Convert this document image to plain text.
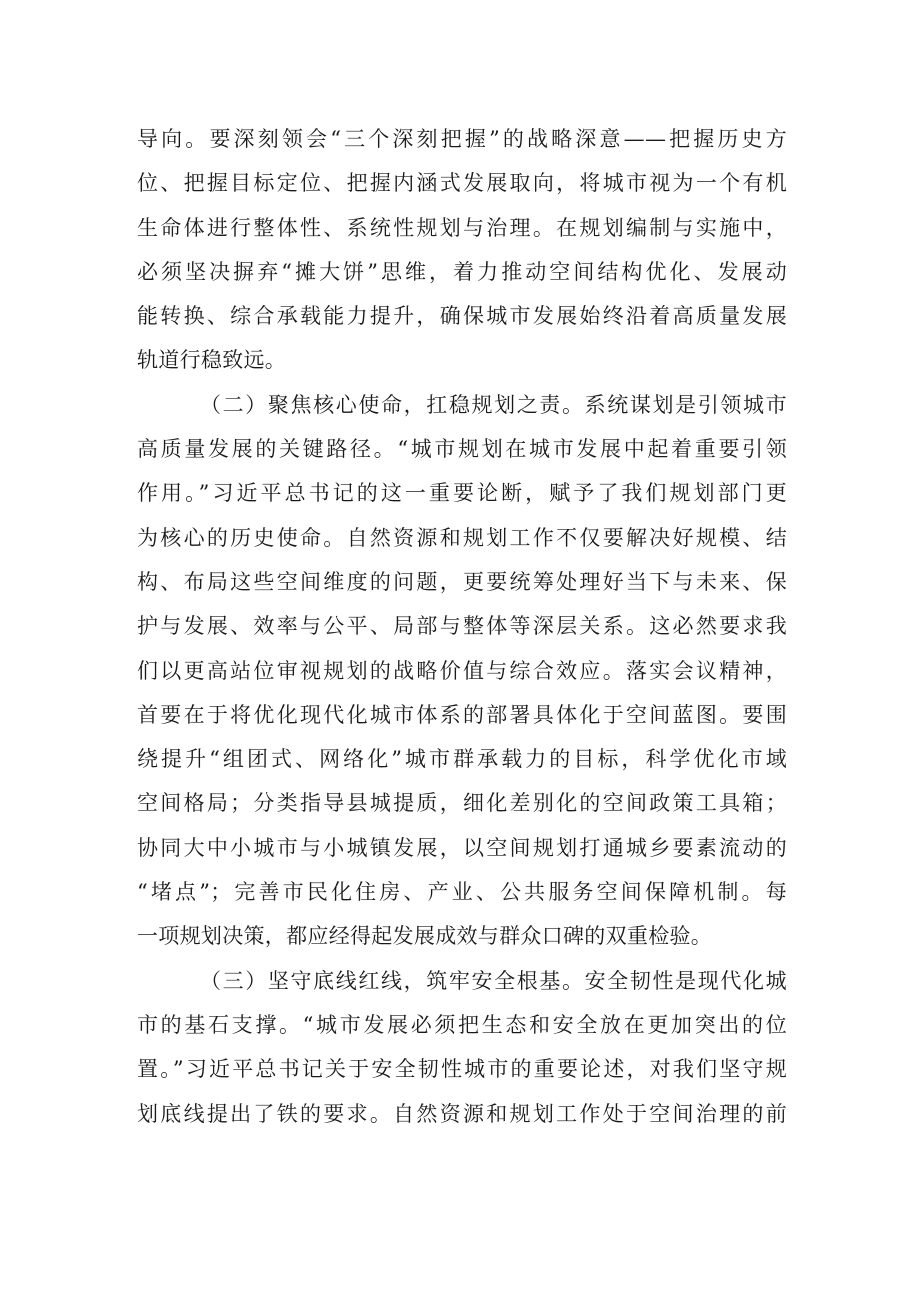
导向。要深刻领会“三个深刻把握”的战略深意——把握历史方
位、把握目标定位、把握内涵式发展取向，将城市视为一个有机
生命体进行整体性、系统性规划与治理。在规划编制与实施中，
必须坚决摒弃“摊大饼”思维，着力推动空间结构优化、发展动
能转换、综合承载能力提升，确保城市发展始终沿着高质量发展
轨道行稳致远。
（二）聚焦核心使命，扛稳规划之责。系统谋划是引领城市
高质量发展的关键路径。“城市规划在城市发展中起着重要引领
作用。”习近平总书记的这一重要论断，赋予了我们规划部门更
为核心的历史使命。自然资源和规划工作不仅要解决好规模、结
构、布局这些空间维度的问题，更要统筹处理好当下与未来、保
护与发展、效率与公平、局部与整体等深层关系。这必然要求我
们以更高站位审视规划的战略价值与综合效应。落实会议精神，
首要在于将优化现代化城市体系的部署具体化于空间蓝图。要围
绕提升“组团式、网络化”城市群承载力的目标，科学优化市域
空间格局；分类指导县城提质，细化差别化的空间政策工具箱；
协同大中小城市与小城镇发展，以空间规划打通城乡要素流动的
“堵点”；完善市民化住房、产业、公共服务空间保障机制。每
一项规划决策，都应经得起发展成效与群众口碑的双重检验。
（三）坚守底线红线，筑牢安全根基。安全韧性是现代化城
市的基石支撑。“城市发展必须把生态和安全放在更加突出的位
置。”习近平总书记关于安全韧性城市的重要论述，对我们坚守规
划底线提出了铁的要求。自然资源和规划工作处于空间治理的前
